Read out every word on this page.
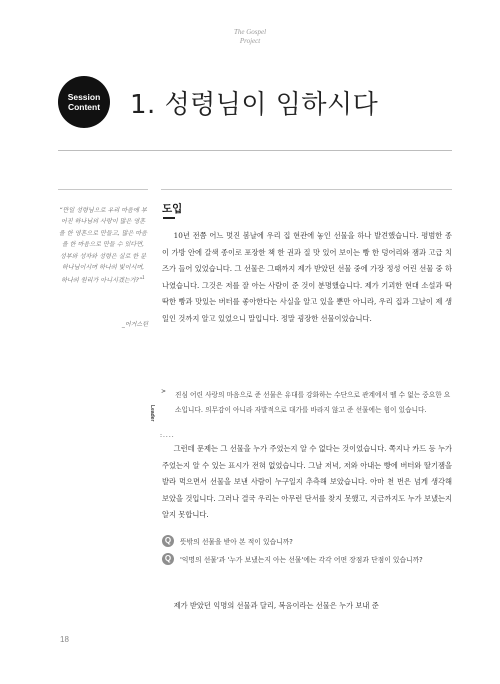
The Gospel
Project
Session
Content 1. 성령님이 임하시다
“만일 성령님으로 우리 마음에 부어진 하나님의 사랑이 많은 영혼을 한 영혼으로 만들고, 많은 마음을 한 마음으로 만들 수 있다면, 성부와 성자와 성령은 실로 한 분 하나님이시며 하나의 빛이시며, 하나의 원리가 아니시겠는가?”$^1$
_어거스틴
도입

10년 전쯤 어느 멋진 봄날에 우리 집 현관에 놓인 선물을 하나 발견했습니다. 평범한 종이 가방 안에 갈색 종이로 포장한 책 한 권과 질 맛 있어 보이는 빵 한 덩어리와 잼과 고급 치즈가 들어 있었습니다. 그 선물은 그때까지 제가 받았던 선물 중에 가장 정성 어린 선물 중 하나였습니다. 그것은 저를 잘 아는 사람이 준 것이 분명했습니다. 제가 기괴한 현대 소설과 딱딱한 빵과 맛있는 버터를 좋아한다는 사실을 알고 있을 뿐만 아니라, 우리 집과 그날이 제 생일인 것까지 알고 있었으니 말입니다. 정말 굉장한 선물이었습니다.

>
Leader
:....

진심 어린 사랑의 마음으로 준 선물은 유대를 강화하는 수단으로 관계에서 뗄 수 없는 중요한 요소입니다. 의무감이 아니라 자발적으로 대가를 바라지 않고 준 선물에는 힘이 있습니다.

그런데 문제는 그 선물을 누가 주었는지 알 수 없다는 것이었습니다. 쪽지나 카드 등 누가 주었는지 알 수 있는 표시가 전혀 없었습니다. 그날 저녁, 저와 아내는 빵에 버터와 딸기잼을 발라 먹으면서 선물을 보낸 사람이 누구일지 추측해 보았습니다. 아마 천 번은 넘게 생각해 보았을 것입니다. 그러나 결국 우리는 아무런 단서를 찾지 못했고, 지금까지도 누가 보냈는지 알지 못합니다.

Q	뜻밖의 선물을 받아 본 적이 있습니까?

Q	'익명의 선물'과 '누가 보냈는지 아는 선물'에는 각각 어떤 장점과 단점이 있습니까?

제가 받았던 익명의 선물과 달리, 복음이라는 선물은 누가 보내 준

18
